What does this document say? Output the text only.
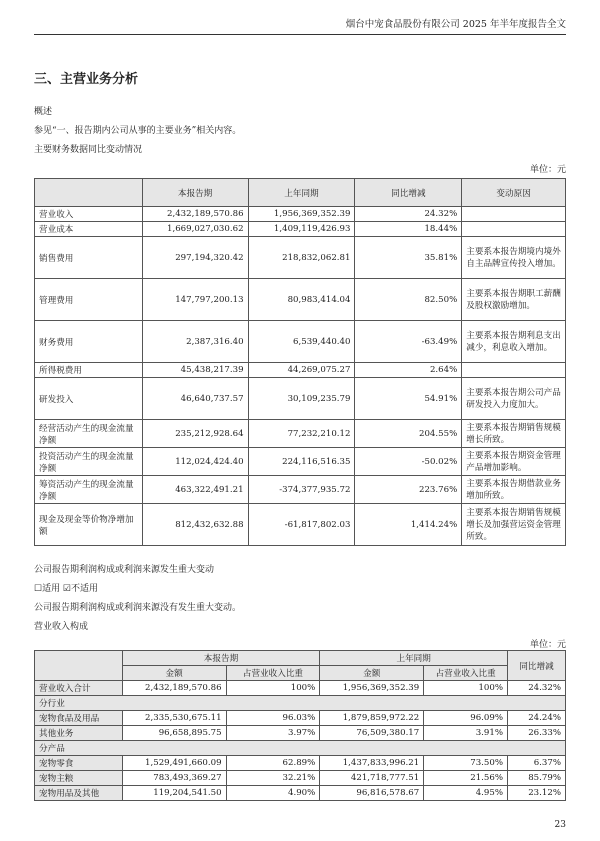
烟台中宠食品股份有限公司 2025 年半年度报告全文
三、主营业务分析
概述
参见“一、报告期内公司从事的主要业务”相关内容。
主要财务数据同比变动情况
单位：元
	本报告期	上年同期	同比增减	变动原因
营业收入	2,432,189,570.86	1,956,369,352.39	24.32%	
营业成本	1,669,027,030.62	1,409,119,426.93	18.44%	
销售费用	297,194,320.42	218,832,062.81	35.81%	主要系本报告期境内境外自主品牌宣传投入增加。
管理费用	147,797,200.13	80,983,414.04	82.50%	主要系本报告期职工薪酬及股权激励增加。
财务费用	2,387,316.40	6,539,440.40	-63.49%	主要系本报告期利息支出减少，利息收入增加。
所得税费用	45,438,217.39	44,269,075.27	2.64%	
研发投入	46,640,737.57	30,109,235.79	54.91%	主要系本报告期公司产品研发投入力度加大。
经营活动产生的现金流量净额	235,212,928.64	77,232,210.12	204.55%	主要系本报告期销售规模增长所致。
投资活动产生的现金流量净额	112,024,424.40	224,116,516.35	-50.02%	主要系本报告期资金管理产品增加影响。
筹资活动产生的现金流量净额	463,322,491.21	-374,377,935.72	223.76%	主要系本报告期借款业务增加所致。
现金及现金等价物净增加额	812,432,632.88	-61,817,802.03	1,414.24%	主要系本报告期销售规模增长及加强营运资金管理所致。
公司报告期利润构成或利润来源发生重大变动
☐适用 ☑不适用
公司报告期利润构成或利润来源没有发生重大变动。
营业收入构成
单位：元
	本报告期		上年同期		同比增减
	金额	占营业收入比重	金额	占营业收入比重	
营业收入合计	2,432,189,570.86	100%	1,956,369,352.39	100%	24.32%
分行业					
宠物食品及用品	2,335,530,675.11	96.03%	1,879,859,972.22	96.09%	24.24%
其他业务	96,658,895.75	3.97%	76,509,380.17	3.91%	26.33%
分产品					
宠物零食	1,529,491,660.09	62.89%	1,437,833,996.21	73.50%	6.37%
宠物主粮	783,493,369.27	32.21%	421,718,777.51	21.56%	85.79%
宠物用品及其他	119,204,541.50	4.90%	96,816,578.67	4.95%	23.12%
23
